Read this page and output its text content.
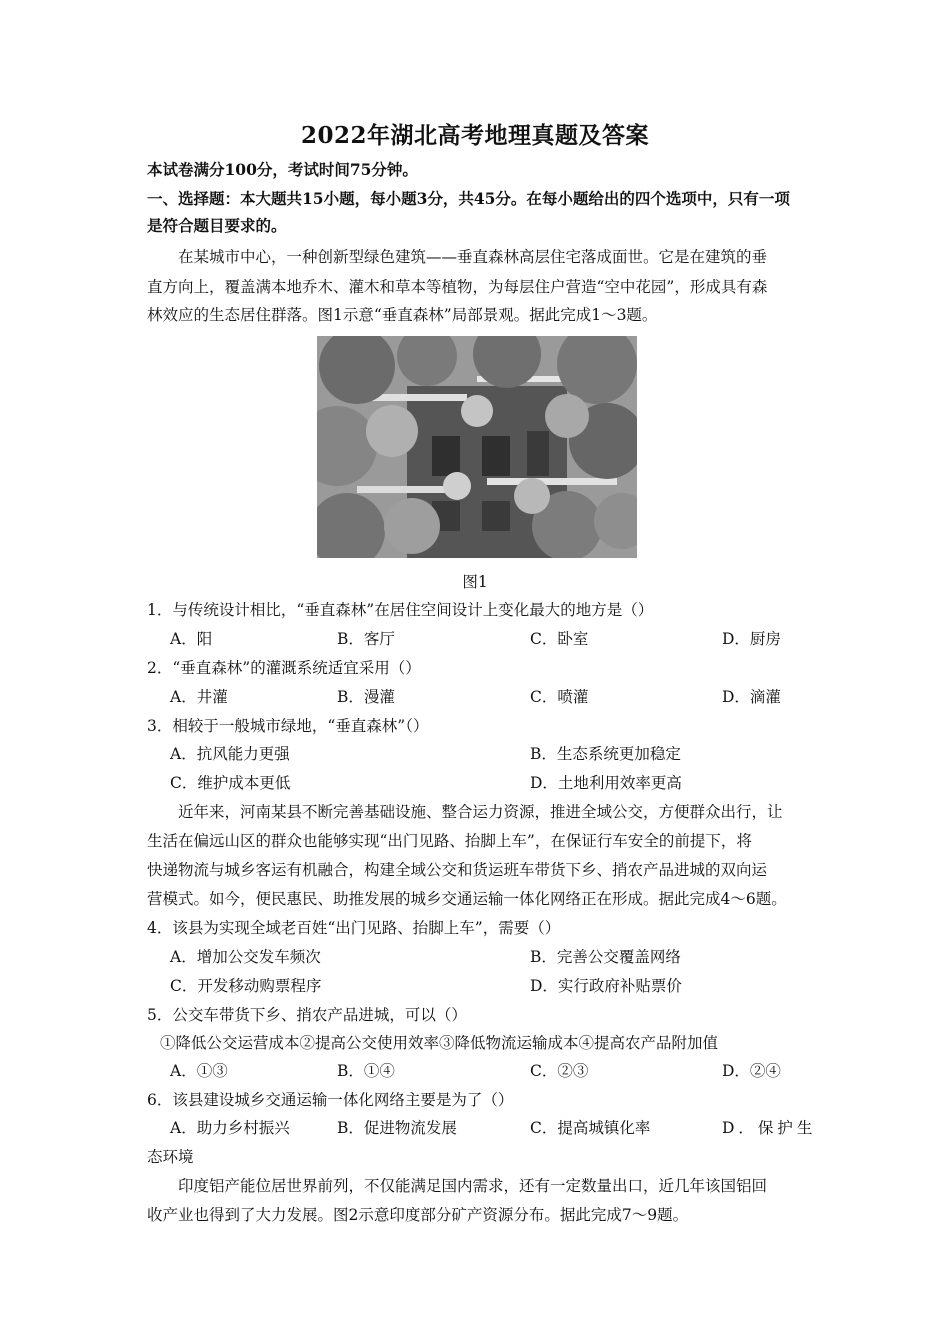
2022年湖北高考地理真题及答案
本试卷满分100分，考试时间75分钟。
一、选择题：本大题共15小题，每小题3分，共45分。在每小题给出的四个选项中，只有一项
是符合题目要求的。
在某城市中心，一种创新型绿色建筑——垂直森林高层住宅落成面世。它是在建筑的垂
直方向上，覆盖满本地乔木、灌木和草本等植物，为每层住户营造“空中花园”，形成具有森
林效应的生态居住群落。图1示意“垂直森林”局部景观。据此完成1～3题。
图1
1．与传统设计相比，“垂直森林”在居住空间设计上变化最大的地方是（）
A．阳	B．客厅	C．卧室	D．厨房
2．“垂直森林”的灌溉系统适宜采用（）
A．井灌	B．漫灌	C．喷灌	D．滴灌
3．相较于一般城市绿地，“垂直森林”（）
A．抗风能力更强	B．生态系统更加稳定
C．维护成本更低	D．土地利用效率更高
近年来，河南某县不断完善基础设施、整合运力资源，推进全域公交，方便群众出行，让
生活在偏远山区的群众也能够实现“出门见路、抬脚上车”，在保证行车安全的前提下，将
快递物流与城乡客运有机融合，构建全域公交和货运班车带货下乡、捎农产品进城的双向运
营模式。如今，便民惠民、助推发展的城乡交通运输一体化网络正在形成。据此完成4～6题。
4．该县为实现全域老百姓“出门见路、抬脚上车”，需要（）
A．增加公交发车频次	B．完善公交覆盖网络
C．开发移动购票程序	D．实行政府补贴票价
5．公交车带货下乡、捎农产品进城，可以（）
①降低公交运营成本②提高公交使用效率③降低物流运输成本④提高农产品附加值
A．①③	B．①④	C．②③	D．②④
6．该县建设城乡交通运输一体化网络主要是为了（）
A．助力乡村振兴	B．促进物流发展	C．提高城镇化率	D．保护生
态环境
印度铝产能位居世界前列，不仅能满足国内需求，还有一定数量出口，近几年该国铝回
收产业也得到了大力发展。图2示意印度部分矿产资源分布。据此完成7～9题。
